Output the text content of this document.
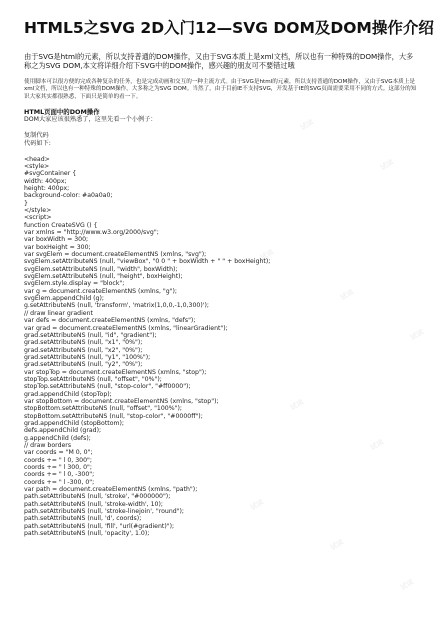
试读
试读
试读
试读
试读
试读
试读
试读
试读
试读
HTML5之SVG 2D入门12—SVG DOM及DOM操作介绍

由于SVG是html的元素，所以支持普通的DOM操作，又由于SVG本质上是xml文档，所以也有一种特殊的DOM操作，大多称之为SVG DOM,本文将详细介绍下SVG中的DOM操作，感兴趣的朋友可不要错过哦

使用脚本可以很方便的完成各种复杂的任务，也是完成动画和交互的一种主流方式。由于SVG是html的元素，所以支持普通的DOM操作，又由于SVG本质上是xml文档，所以也有一种特殊的DOM操作，大多称之为SVG DOM。当然了，由于目前IE不支持SVG，开发基于IE的SVG页面需要采用不同的方式。这部分的知识大家其实都很熟悉，下面只是简单的看一下。

HTML页面中的DOM操作

DOM大家应该很熟悉了，这里先看一个小例子：

复制代码

代码如下:

<head>

<style>

#svgContainer {

width: 400px;

height: 400px;

background-color: #a0a0a0;

}

</style>

<script>

function CreateSVG () {

var xmlns = "http://www.w3.org/2000/svg";

var boxWidth = 300;

var boxHeight = 300;

var svgElem = document.createElementNS (xmlns, "svg");

svgElem.setAttributeNS (null, "viewBox", "0 0 " + boxWidth + " " + boxHeight);

svgElem.setAttributeNS (null, "width", boxWidth);

svgElem.setAttributeNS (null, "height", boxHeight);

svgElem.style.display = "block";

var g = document.createElementNS (xmlns, "g");

svgElem.appendChild (g);

g.setAttributeNS (null, 'transform', 'matrix(1,0,0,-1,0,300)');

// draw linear gradient

var defs = document.createElementNS (xmlns, "defs");

var grad = document.createElementNS (xmlns, "linearGradient");

grad.setAttributeNS (null, "id", "gradient");

grad.setAttributeNS (null, "x1", "0%");

grad.setAttributeNS (null, "x2", "0%");

grad.setAttributeNS (null, "y1", "100%");

grad.setAttributeNS (null, "y2", "0%");

var stopTop = document.createElementNS (xmlns, "stop");

stopTop.setAttributeNS (null, "offset", "0%");

stopTop.setAttributeNS (null, "stop-color", "#ff0000");

grad.appendChild (stopTop);

var stopBottom = document.createElementNS (xmlns, "stop");

stopBottom.setAttributeNS (null, "offset", "100%");

stopBottom.setAttributeNS (null, "stop-color", "#0000ff");

grad.appendChild (stopBottom);

defs.appendChild (grad);

g.appendChild (defs);

// draw borders

var coords = "M 0, 0";

coords += " l 0, 300";

coords += " l 300, 0";

coords += " l 0, -300";

coords += " l -300, 0";

var path = document.createElementNS (xmlns, "path");

path.setAttributeNS (null, 'stroke', "#000000");

path.setAttributeNS (null, 'stroke-width', 10);

path.setAttributeNS (null, 'stroke-linejoin', "round");

path.setAttributeNS (null, 'd', coords);

path.setAttributeNS (null, 'fill', "url(#gradient)");

path.setAttributeNS (null, 'opacity', 1.0);
